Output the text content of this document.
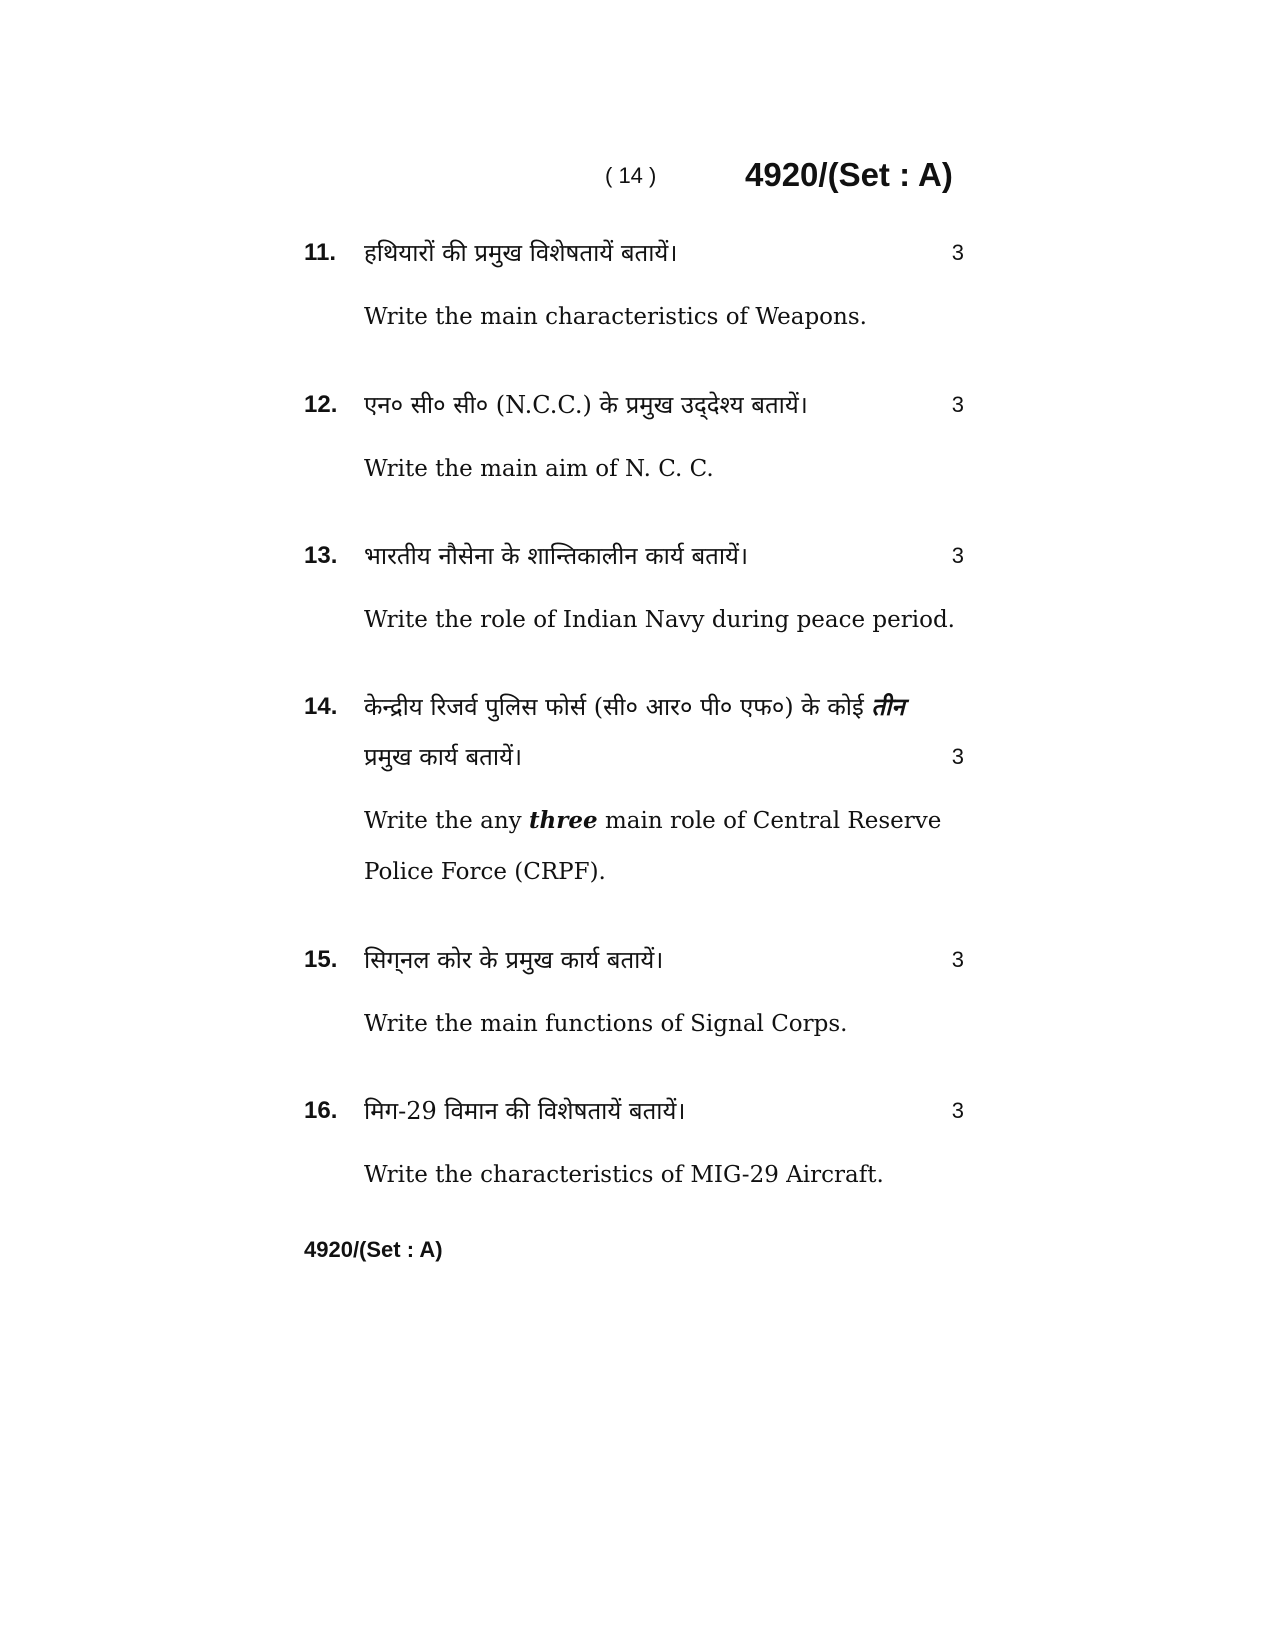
( 14 )	4920/(Set : A)
11. हथियारों की प्रमुख विशेषतायें बतायें।	3
Write the main characteristics of Weapons.
12. एन० सी० सी० (N.C.C.) के प्रमुख उद्‌देश्य बतायें।	3
Write the main aim of N. C. C.
13. भारतीय नौसेना के शान्तिकालीन कार्य बतायें।	3
Write the role of Indian Navy during peace period.
14. केन्द्रीय रिजर्व पुलिस फोर्स (सी० आर० पी० एफ०) के कोई तीन
प्रमुख कार्य बतायें।	3
Write the any three main role of Central Reserve
Police Force (CRPF).
15. सिग्‌नल कोर के प्रमुख कार्य बतायें।	3
Write the main functions of Signal Corps.
16. मिग-29 विमान की विशेषतायें बतायें।	3
Write the characteristics of MIG-29 Aircraft.
4920/(Set : A)
